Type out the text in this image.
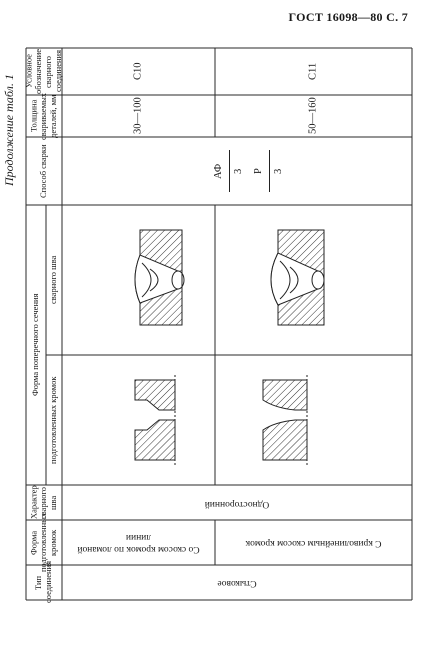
ГОСТ 16098—80 С. 7
Продолжение табл. 1
Условное обозначение сварного соединения
Толщина свариваемых деталей, мм
Способ сварки
Форма поперечного сечения
сварного шва
подготовленных кромок
Характер сварного шва
Форма подготовленных кромок
Тип соединения
С10	С11
30—100	50—160
АФ 3 Р 3
Односторонний
Со скосом кромок по ломаной линии
С криволинейным скосом кромок
Стыковое
